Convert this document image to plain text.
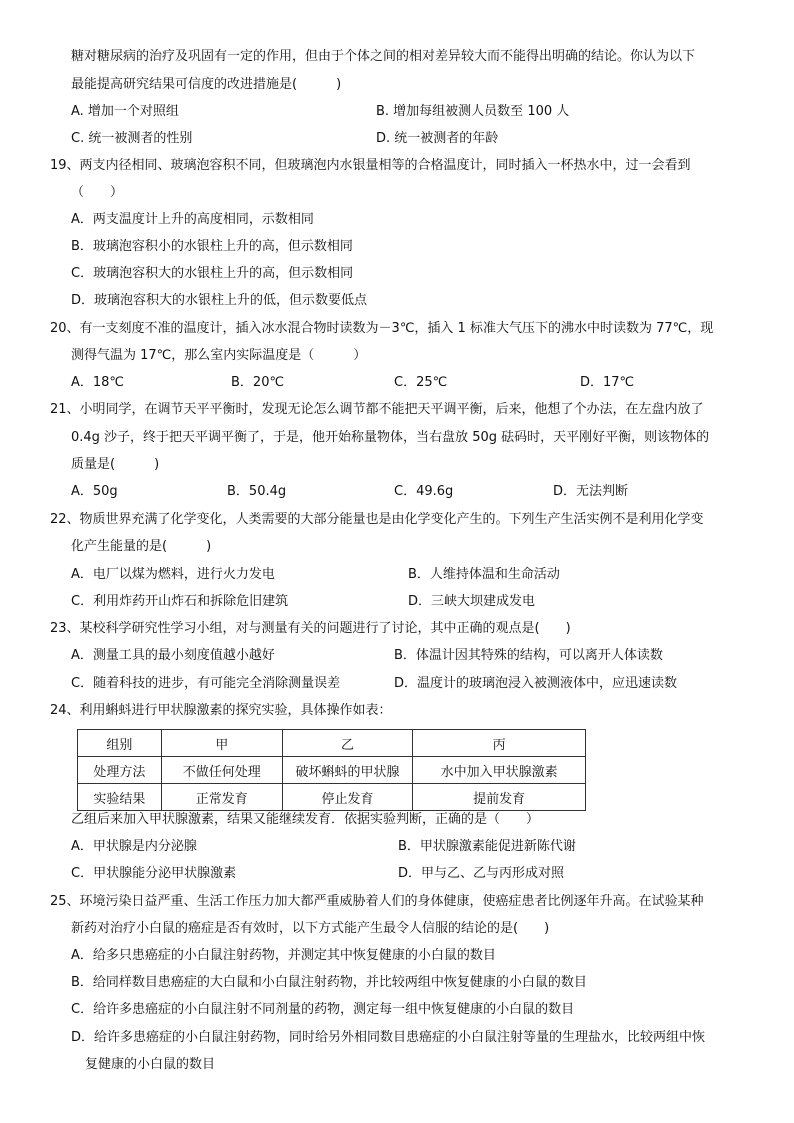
糖对糖尿病的治疗及巩固有一定的作用，但由于个体之间的相对差异较大而不能得出明确的结论。你认为以下
最能提高研究结果可信度的改进措施是(　　　)
A. 增加一个对照组	B. 增加每组被测人员数至 100 人
C. 统一被测者的性别	D. 统一被测者的年龄
19、两支内径相同、玻璃泡容积不同，但玻璃泡内水银量相等的合格温度计，同时插入一杯热水中，过一会看到
（　　）
A．两支温度计上升的高度相同，示数相同
B．玻璃泡容积小的水银柱上升的高，但示数相同
C．玻璃泡容积大的水银柱上升的高，但示数相同
D．玻璃泡容积大的水银柱上升的低，但示数要低点
20、有一支刻度不准的温度计，插入冰水混合物时读数为－3℃，插入 1 标准大气压下的沸水中时读数为 77℃，现
测得气温为 17℃，那么室内实际温度是（　　　）
A．18℃	B．20℃	C．25℃	D．17℃
21、小明同学，在调节天平平衡时，发现无论怎么调节都不能把天平调平衡，后来，他想了个办法，在左盘内放了
0.4g 沙子，终于把天平调平衡了，于是，他开始称量物体，当右盘放 50g 砝码时，天平刚好平衡，则该物体的
质量是(　　　)
A．50g	B．50.4g	C．49.6g	D．无法判断
22、物质世界充满了化学变化，人类需要的大部分能量也是由化学变化产生的。下列生产生活实例不是利用化学变
化产生能量的是(　　　)
A．电厂以煤为燃料，进行火力发电	B．人维持体温和生命活动
C．利用炸药开山炸石和拆除危旧建筑	D．三峡大坝建成发电
23、某校科学研究性学习小组，对与测量有关的问题进行了讨论，其中正确的观点是(　　)
A．测量工具的最小刻度值越小越好	B．体温计因其特殊的结构，可以离开人体读数
C．随着科技的进步，有可能完全消除测量误差	D．温度计的玻璃泡浸入被测液体中，应迅速读数
24、利用蝌蚪进行甲状腺激素的探究实验，具体操作如表：
组别	甲	乙	丙
处理方法	不做任何处理	破坏蝌蚪的甲状腺	水中加入甲状腺激素
实验结果	正常发育	停止发育	提前发育
乙组后来加入甲状腺激素，结果又能继续发育．依据实验判断，正确的是（　　）
A．甲状腺是内分泌腺	B．甲状腺激素能促进新陈代谢
C．甲状腺能分泌甲状腺激素	D．甲与乙、乙与丙形成对照
25、环境污染日益严重、生活工作压力加大都严重威胁着人们的身体健康，使癌症患者比例逐年升高。在试验某种
新药对治疗小白鼠的癌症是否有效时，以下方式能产生最令人信服的结论的是(　　)
A．给多只患癌症的小白鼠注射药物，并测定其中恢复健康的小白鼠的数目
B．给同样数目患癌症的大白鼠和小白鼠注射药物，并比较两组中恢复健康的小白鼠的数目
C．给许多患癌症的小白鼠注射不同剂量的药物，测定每一组中恢复健康的小白鼠的数目
D．给许多患癌症的小白鼠注射药物，同时给另外相同数目患癌症的小白鼠注射等量的生理盐水，比较两组中恢
复健康的小白鼠的数目
